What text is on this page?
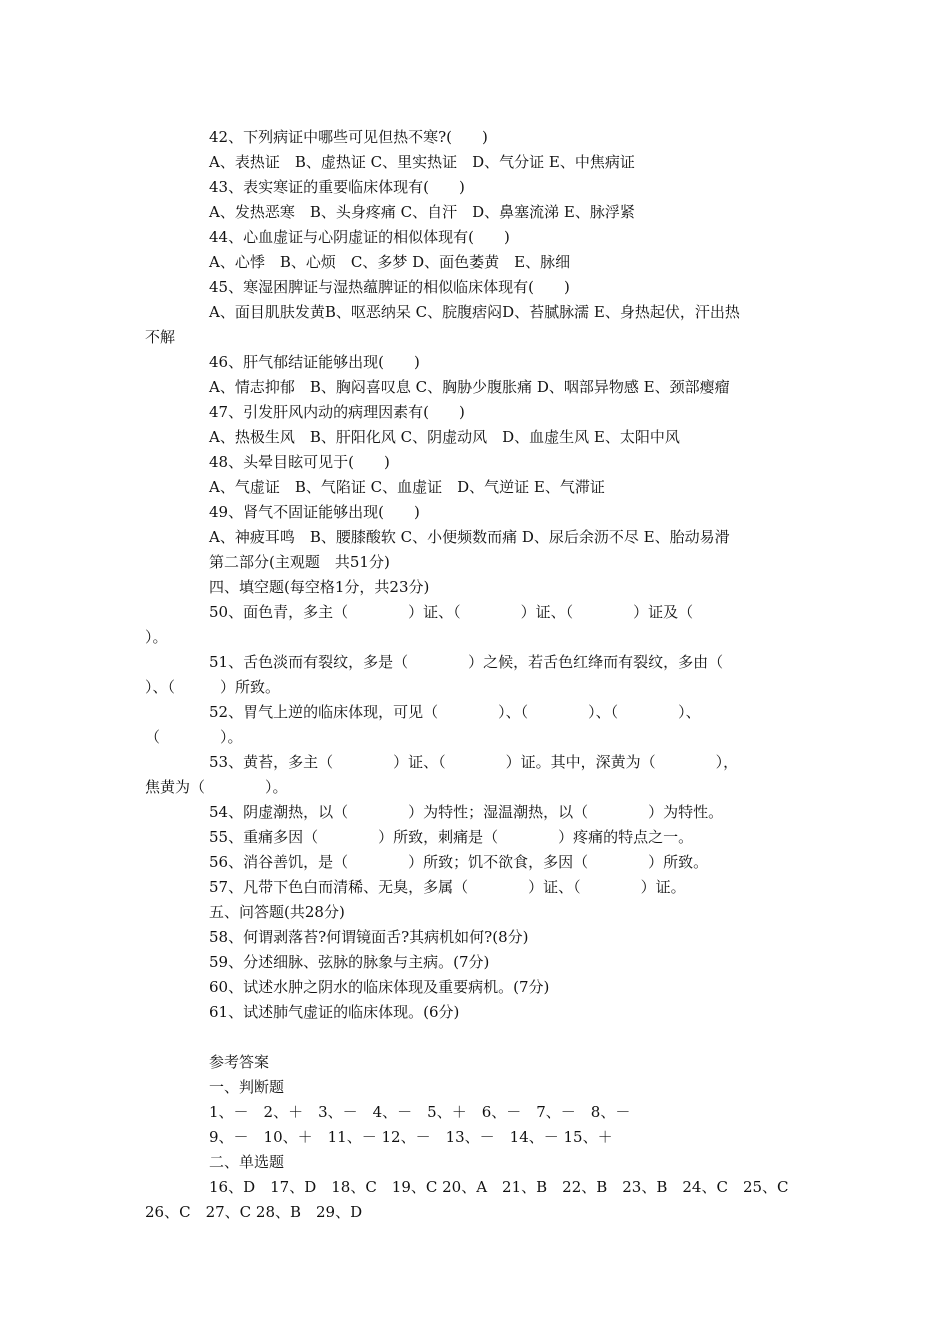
42、下列病证中哪些可见但热不寒?(　　)
A、表热证　B、虚热证 C、里实热证　D、气分证 E、中焦病证
43、表实寒证的重要临床体现有(　　)
A、发热恶寒　B、头身疼痛 C、自汗　D、鼻塞流涕 E、脉浮紧
44、心血虚证与心阴虚证的相似体现有(　　)
A、心悸　B、心烦　C、多梦 D、面色萎黄　E、脉细
45、寒湿困脾证与湿热蕴脾证的相似临床体现有(　　)
A、面目肌肤发黄B、呕恶纳呆 C、脘腹痞闷D、苔腻脉濡 E、身热起伏，汗出热
不解
46、肝气郁结证能够出现(　　)
A、情志抑郁　B、胸闷喜叹息 C、胸胁少腹胀痛 D、咽部异物感 E、颈部瘿瘤
47、引发肝风内动的病理因素有(　　)
A、热极生风　B、肝阳化风 C、阴虚动风　D、血虚生风 E、太阳中风
48、头晕目眩可见于(　　)
A、气虚证　B、气陷证 C、血虚证　D、气逆证 E、气滞证
49、肾气不固证能够出现(　　)
A、神疲耳鸣　B、腰膝酸软 C、小便频数而痛 D、尿后余沥不尽 E、胎动易滑
第二部分(主观题　共51分)
四、填空题(每空格1分，共23分)
50、面色青，多主（　　　　）证、（　　　　）证、（　　　　）证及（
）。
51、舌色淡而有裂纹，多是（　　　　）之候，若舌色红绛而有裂纹，多由（
）、（　　　）所致。
52、胃气上逆的临床体现，可见（　　　　）、（　　　　）、（　　　　）、
（　　　　）。
53、黄苔，多主（　　　　）证、（　　　　）证。其中，深黄为（　　　　），
焦黄为（　　　　）。
54、阴虚潮热，以（　　　　）为特性；湿温潮热，以（　　　　）为特性。
55、重痛多因（　　　　）所致，刺痛是（　　　　）疼痛的特点之一。
56、消谷善饥，是（　　　　）所致；饥不欲食，多因（　　　　）所致。
57、凡带下色白而清稀、无臭，多属（　　　　）证、（　　　　）证。
五、问答题(共28分)
58、何谓剥落苔?何谓镜面舌?其病机如何?(8分)
59、分述细脉、弦脉的脉象与主病。(7分)
60、试述水肿之阴水的临床体现及重要病机。(7分)
61、试述肺气虚证的临床体现。(6分)
参考答案
一、判断题
1、－　2、＋　3、－　4、－　5、＋　6、－　7、－　8、－
9、－　10、＋　11、－ 12、－　13、－　14、－ 15、＋
二、单选题
16、D　17、D　18、C　19、C 20、A　21、B　22、B　23、B　24、C　25、C
26、C　27、C 28、B　29、D
